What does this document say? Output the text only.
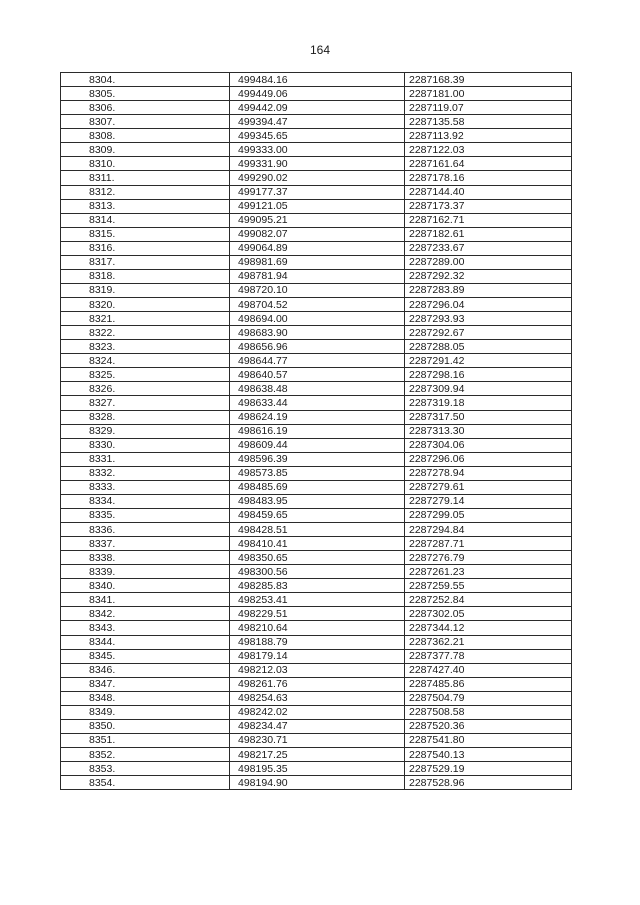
164
8304.	499484.16	2287168.39
8305.	499449.06	2287181.00
8306.	499442.09	2287119.07
8307.	499394.47	2287135.58
8308.	499345.65	2287113.92
8309.	499333.00	2287122.03
8310.	499331.90	2287161.64
8311.	499290.02	2287178.16
8312.	499177.37	2287144.40
8313.	499121.05	2287173.37
8314.	499095.21	2287162.71
8315.	499082.07	2287182.61
8316.	499064.89	2287233.67
8317.	498981.69	2287289.00
8318.	498781.94	2287292.32
8319.	498720.10	2287283.89
8320.	498704.52	2287296.04
8321.	498694.00	2287293.93
8322.	498683.90	2287292.67
8323.	498656.96	2287288.05
8324.	498644.77	2287291.42
8325.	498640.57	2287298.16
8326.	498638.48	2287309.94
8327.	498633.44	2287319.18
8328.	498624.19	2287317.50
8329.	498616.19	2287313.30
8330.	498609.44	2287304.06
8331.	498596.39	2287296.06
8332.	498573.85	2287278.94
8333.	498485.69	2287279.61
8334.	498483.95	2287279.14
8335.	498459.65	2287299.05
8336.	498428.51	2287294.84
8337.	498410.41	2287287.71
8338.	498350.65	2287276.79
8339.	498300.56	2287261.23
8340.	498285.83	2287259.55
8341.	498253.41	2287252.84
8342.	498229.51	2287302.05
8343.	498210.64	2287344.12
8344.	498188.79	2287362.21
8345.	498179.14	2287377.78
8346.	498212.03	2287427.40
8347.	498261.76	2287485.86
8348.	498254.63	2287504.79
8349.	498242.02	2287508.58
8350.	498234.47	2287520.36
8351.	498230.71	2287541.80
8352.	498217.25	2287540.13
8353.	498195.35	2287529.19
8354.	498194.90	2287528.96
